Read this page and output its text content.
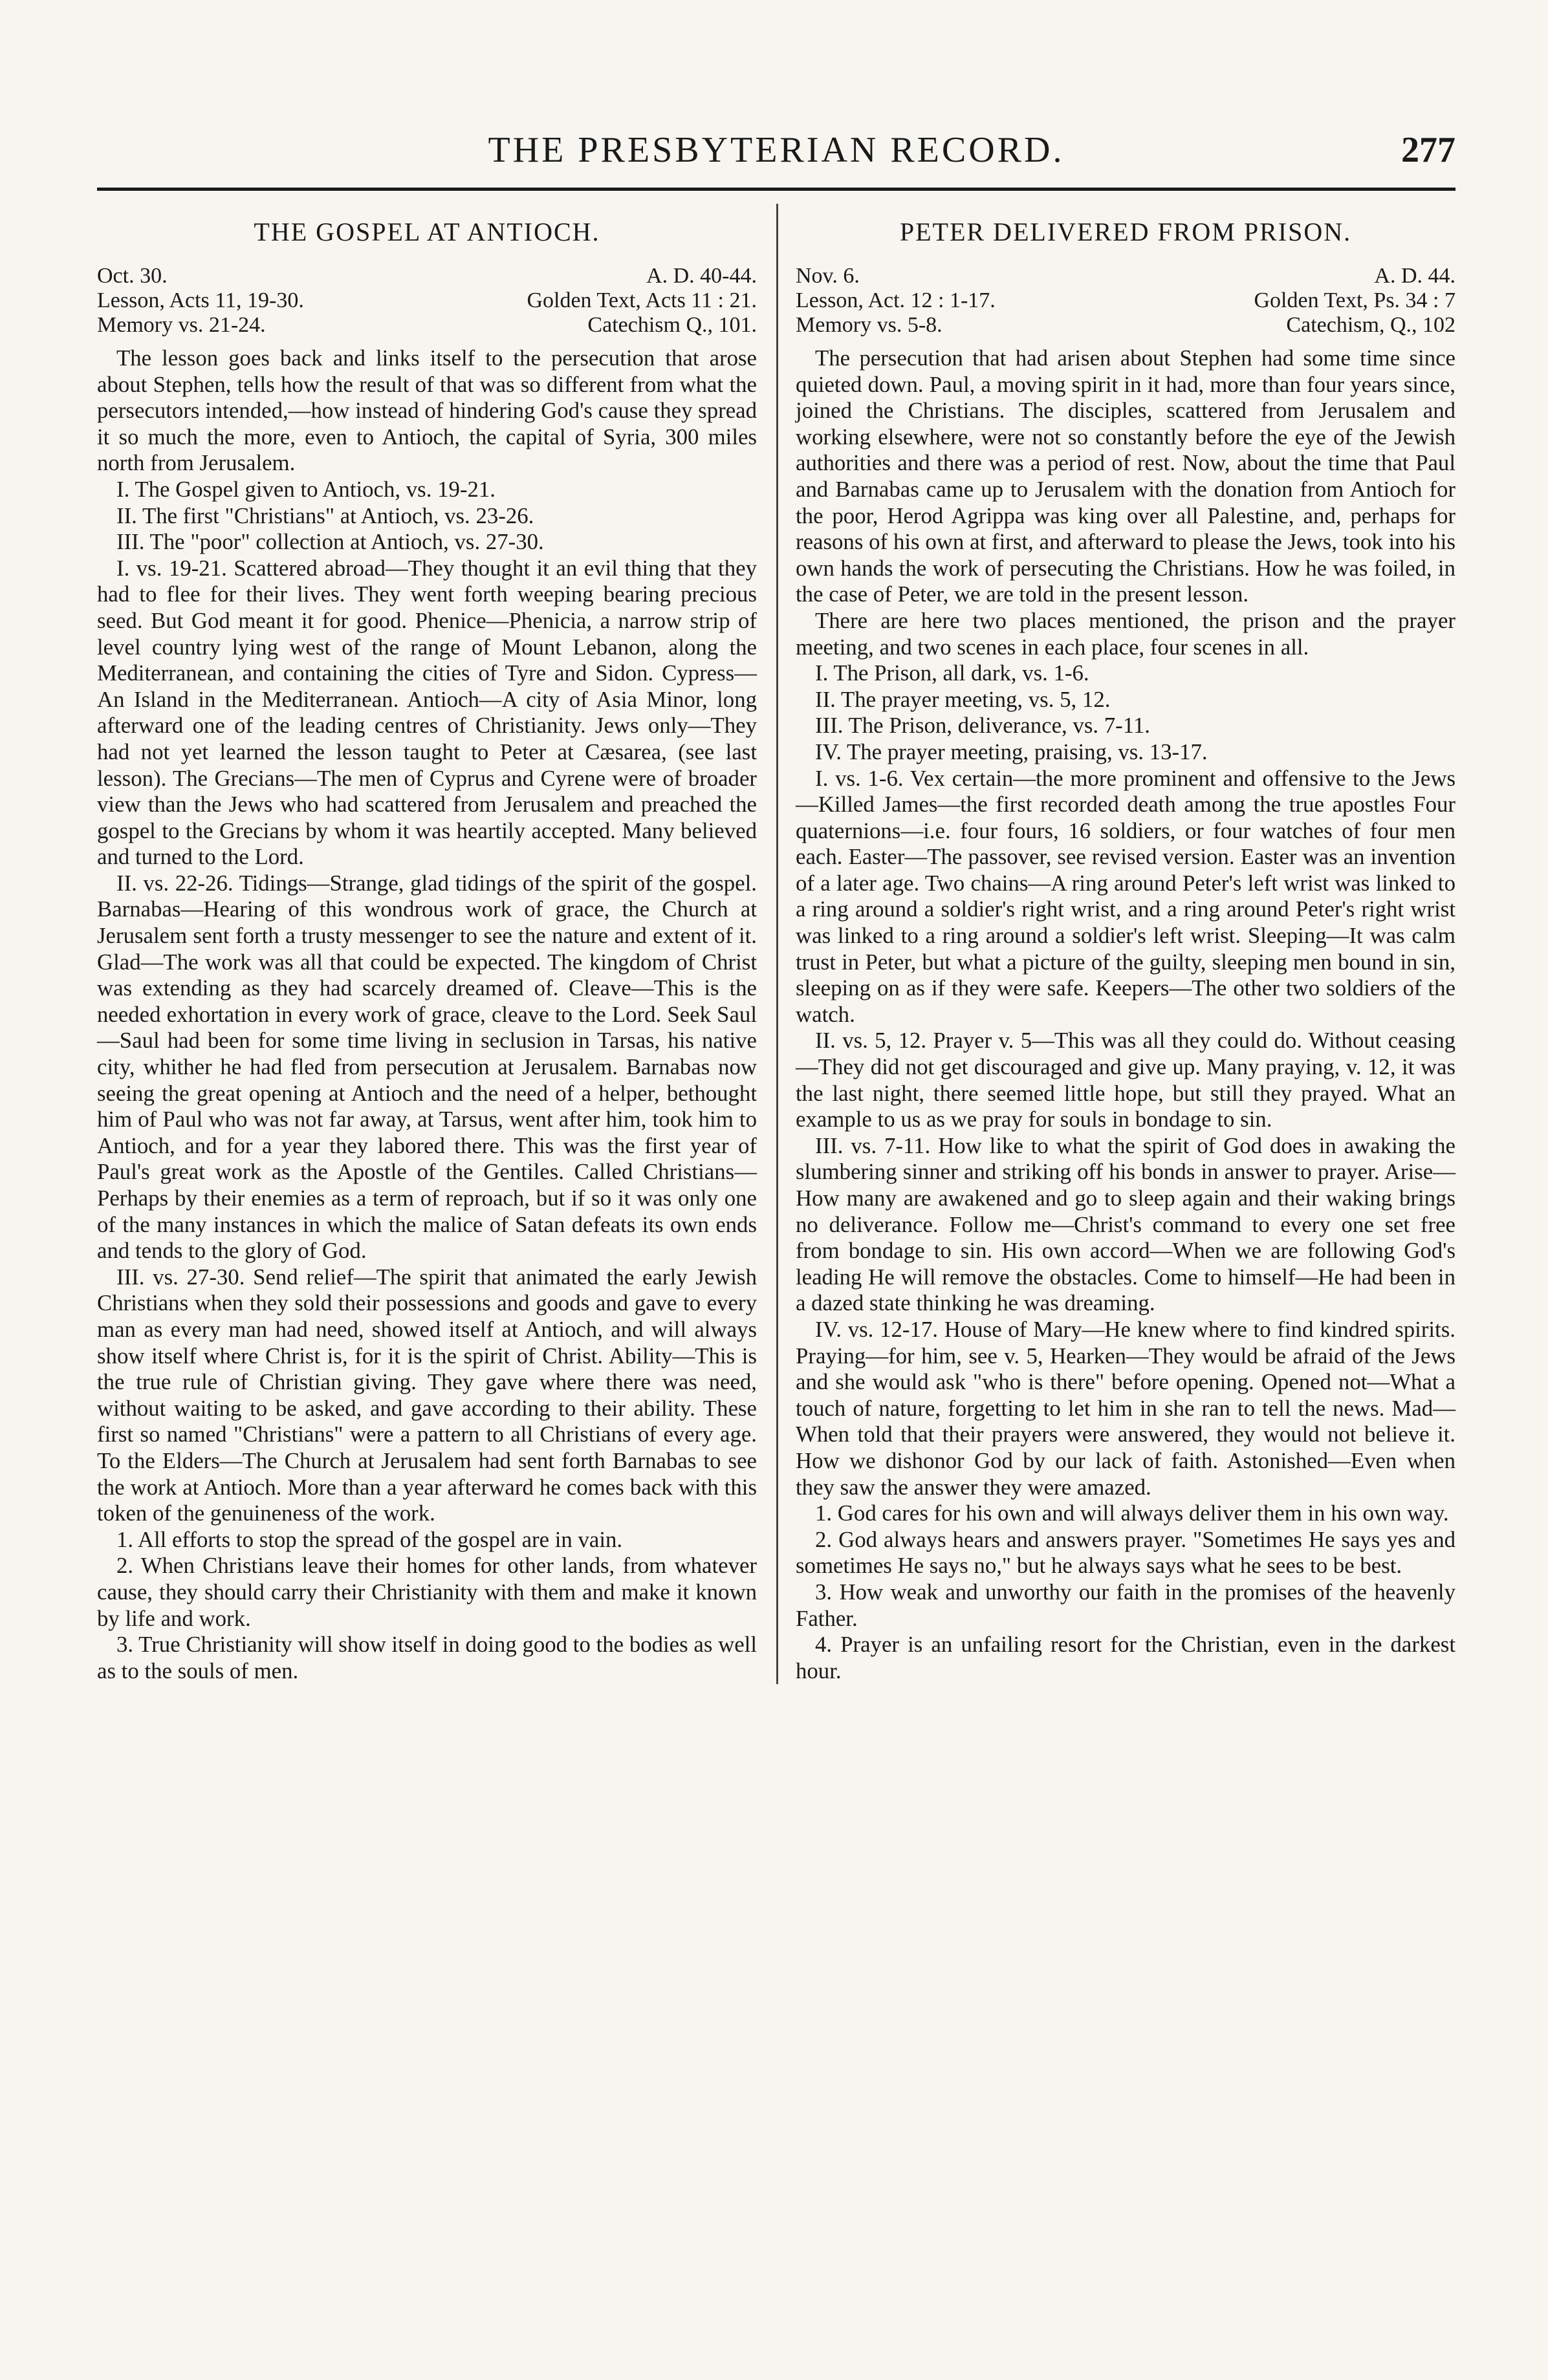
THE PRESBYTERIAN RECORD.	277
THE GOSPEL AT ANTIOCH.
Oct. 30.	A. D. 40-44.
Lesson, Acts 11, 19-30.	Golden Text, Acts 11 : 21.
Memory vs. 21-24.	Catechism Q., 101.

The lesson goes back and links itself to the persecution that arose about Stephen, tells how the result of that was so different from what the persecutors intended,—how instead of hindering God's cause they spread it so much the more, even to Antioch, the capital of Syria, 300 miles north from Jerusalem.

I. The Gospel given to Antioch, vs. 19-21.

II. The first "Christians" at Antioch, vs. 23-26.

III. The "poor" collection at Antioch, vs. 27-30.

I. vs. 19-21. Scattered abroad—They thought it an evil thing that they had to flee for their lives. They went forth weeping bearing precious seed. But God meant it for good. Phenice—Phenicia, a narrow strip of level country lying west of the range of Mount Lebanon, along the Mediterranean, and containing the cities of Tyre and Sidon. Cypress—An Island in the Mediterranean. Antioch—A city of Asia Minor, long afterward one of the leading centres of Christianity. Jews only—They had not yet learned the lesson taught to Peter at Cæsarea, (see last lesson). The Grecians—The men of Cyprus and Cyrene were of broader view than the Jews who had scattered from Jerusalem and preached the gospel to the Grecians by whom it was heartily accepted. Many believed and turned to the Lord.

II. vs. 22-26. Tidings—Strange, glad tidings of the spirit of the gospel. Barnabas—Hearing of this wondrous work of grace, the Church at Jerusalem sent forth a trusty messenger to see the nature and extent of it. Glad—The work was all that could be expected. The kingdom of Christ was extending as they had scarcely dreamed of. Cleave—This is the needed exhortation in every work of grace, cleave to the Lord. Seek Saul—Saul had been for some time living in seclusion in Tarsas, his native city, whither he had fled from persecution at Jerusalem. Barnabas now seeing the great opening at Antioch and the need of a helper, bethought him of Paul who was not far away, at Tarsus, went after him, took him to Antioch, and for a year they labored there. This was the first year of Paul's great work as the Apostle of the Gentiles. Called Christians—Perhaps by their enemies as a term of reproach, but if so it was only one of the many instances in which the malice of Satan defeats its own ends and tends to the glory of God.

III. vs. 27-30. Send relief—The spirit that animated the early Jewish Christians when they sold their possessions and goods and gave to every man as every man had need, showed itself at Antioch, and will always show itself where Christ is, for it is the spirit of Christ. Ability—This is the true rule of Christian giving. They gave where there was need, without waiting to be asked, and gave according to their ability. These first so named "Christians" were a pattern to all Christians of every age. To the Elders—The Church at Jerusalem had sent forth Barnabas to see the work at Antioch. More than a year afterward he comes back with this token of the genuineness of the work.

1. All efforts to stop the spread of the gospel are in vain.

2. When Christians leave their homes for other lands, from whatever cause, they should carry their Christianity with them and make it known by life and work.

3. True Christianity will show itself in doing good to the bodies as well as to the souls of men.

PETER DELIVERED FROM PRISON.
Nov. 6.	A. D. 44.
Lesson, Act. 12 : 1-17.	Golden Text, Ps. 34 : 7
Memory vs. 5-8.	Catechism, Q., 102

The persecution that had arisen about Stephen had some time since quieted down. Paul, a moving spirit in it had, more than four years since, joined the Christians. The disciples, scattered from Jerusalem and working elsewhere, were not so constantly before the eye of the Jewish authorities and there was a period of rest. Now, about the time that Paul and Barnabas came up to Jerusalem with the donation from Antioch for the poor, Herod Agrippa was king over all Palestine, and, perhaps for reasons of his own at first, and afterward to please the Jews, took into his own hands the work of persecuting the Christians. How he was foiled, in the case of Peter, we are told in the present lesson.

There are here two places mentioned, the prison and the prayer meeting, and two scenes in each place, four scenes in all.

I. The Prison, all dark, vs. 1-6.

II. The prayer meeting, vs. 5, 12.

III. The Prison, deliverance, vs. 7-11.

IV. The prayer meeting, praising, vs. 13-17.

I. vs. 1-6. Vex certain—the more prominent and offensive to the Jews—Killed James—the first recorded death among the true apostles Four quaternions—i.e. four fours, 16 soldiers, or four watches of four men each. Easter—The passover, see revised version. Easter was an invention of a later age. Two chains—A ring around Peter's left wrist was linked to a ring around a soldier's right wrist, and a ring around Peter's right wrist was linked to a ring around a soldier's left wrist. Sleeping—It was calm trust in Peter, but what a picture of the guilty, sleeping men bound in sin, sleeping on as if they were safe. Keepers—The other two soldiers of the watch.

II. vs. 5, 12. Prayer v. 5—This was all they could do. Without ceasing—They did not get discouraged and give up. Many praying, v. 12, it was the last night, there seemed little hope, but still they prayed. What an example to us as we pray for souls in bondage to sin.

III. vs. 7-11. How like to what the spirit of God does in awaking the slumbering sinner and striking off his bonds in answer to prayer. Arise—How many are awakened and go to sleep again and their waking brings no deliverance. Follow me—Christ's command to every one set free from bondage to sin. His own accord—When we are following God's leading He will remove the obstacles. Come to himself—He had been in a dazed state thinking he was dreaming.

IV. vs. 12-17. House of Mary—He knew where to find kindred spirits. Praying—for him, see v. 5, Hearken—They would be afraid of the Jews and she would ask "who is there" before opening. Opened not—What a touch of nature, forgetting to let him in she ran to tell the news. Mad—When told that their prayers were answered, they would not believe it. How we dishonor God by our lack of faith. Astonished—Even when they saw the answer they were amazed.

1. God cares for his own and will always deliver them in his own way.

2. God always hears and answers prayer. "Sometimes He says yes and sometimes He says no," but he always says what he sees to be best.

3. How weak and unworthy our faith in the promises of the heavenly Father.

4. Prayer is an unfailing resort for the Christian, even in the darkest hour.
